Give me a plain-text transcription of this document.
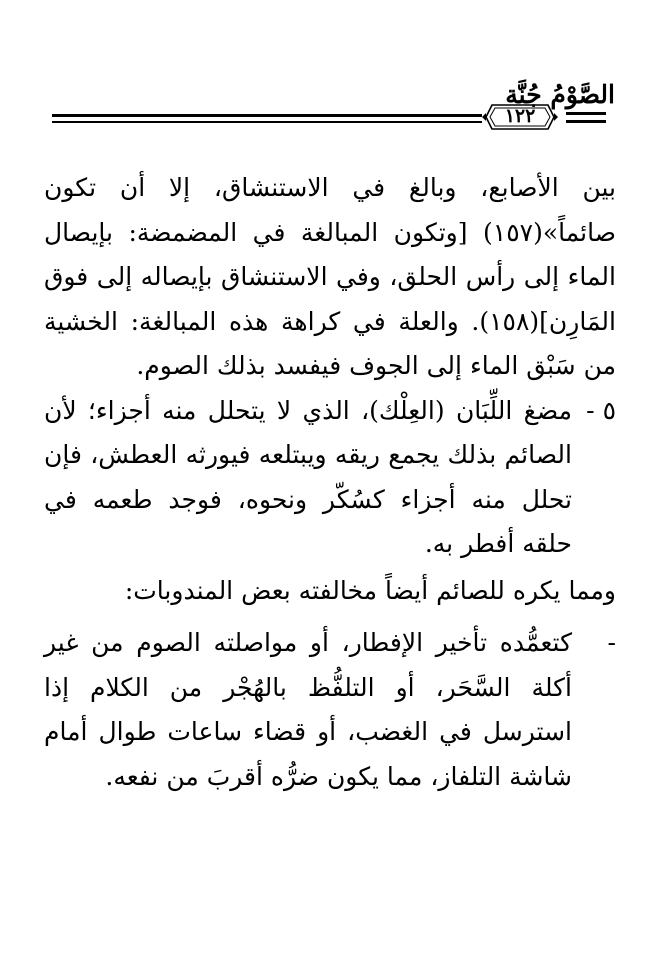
الصَّوْمُ جُنَّة
١٢٢

بين الأصابع، وبالغ في الاستنشاق، إلا أن تكون صائماً»(١٥٧) [وتكون المبالغة في المضمضة: بإيصال الماء إلى رأس الحلق، وفي الاستنشاق بإيصاله إلى فوق المَارِن](١٥٨). والعلة في كراهة هذه المبالغة: الخشية من سَبْق الماء إلى الجوف فيفسد بذلك الصوم.

٥ -
مضغ اللِّبَان (العِلْك)، الذي لا يتحلل منه أجزاء؛ لأن الصائم بذلك يجمع ريقه ويبتلعه فيورثه العطش، فإن تحلل منه أجزاء كسُكّر ونحوه، فوجد طعمه في حلقه أفطر به.

ومما يكره للصائم أيضاً مخالفته بعض المندوبات:

-
كتعمُّده تأخير الإفطار، أو مواصلته الصوم من غير أكلة السَّحَر، أو التلفُّظ بالهُجْر من الكلام إذا استرسل في الغضب، أو قضاء ساعات طوال أمام شاشة التلفاز، مما يكون ضرُّه أقربَ من نفعه.
